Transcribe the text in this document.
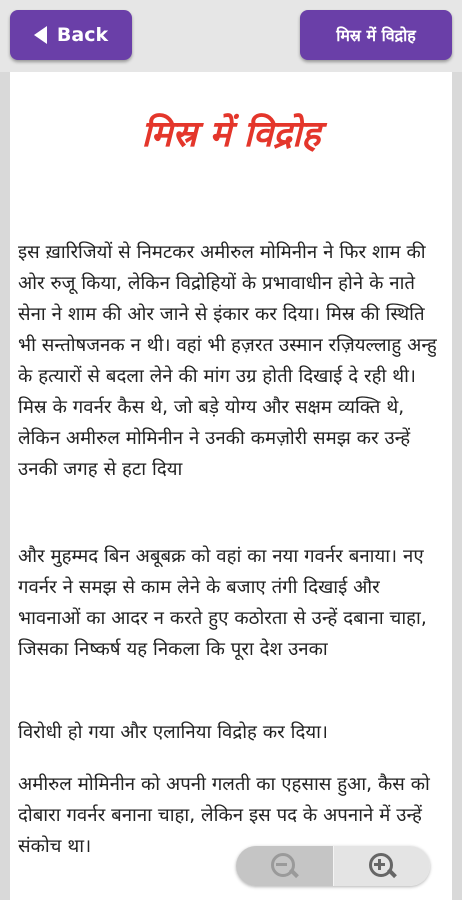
Back	मिस्र में विद्रोह
मिस्र में विद्रोह

इस ख़ारिजियों से निमटकर अमीरुल मोमिनीन ने फिर शाम की ओर रुजू किया, लेकिन विद्रोहियों के प्रभावाधीन होने के नाते सेना ने शाम की ओर जाने से इंकार कर दिया। मिस्र की स्थिति भी सन्तोषजनक न थी। वहां भी हज़रत उस्मान रज़ियल्लाहु अन्हु के हत्यारों से बदला लेने की मांग उग्र होती दिखाई दे रही थी। मिस्र के गवर्नर कैस थे, जो बड़े योग्य और सक्षम व्यक्ति थे, लेकिन अमीरुल मोमिनीन ने उनकी कमज़ोरी समझ कर उन्हें उनकी जगह से हटा दिया

और मुहम्मद बिन अबूबक्र को वहां का नया गवर्नर बनाया। नए गवर्नर ने समझ से काम लेने के बजाए तंगी दिखाई और भावनाओं का आदर न करते हुए कठोरता से उन्हें दबाना चाहा, जिसका निष्कर्ष यह निकला कि पूरा देश उनका

विरोधी हो गया और एलानिया विद्रोह कर दिया।

अमीरुल मोमिनीन को अपनी गलती का एहसास हुआ, कैस को दोबारा गवर्नर बनाना चाहा, लेकिन इस पद के अपनाने में उन्हें संकोच था।
